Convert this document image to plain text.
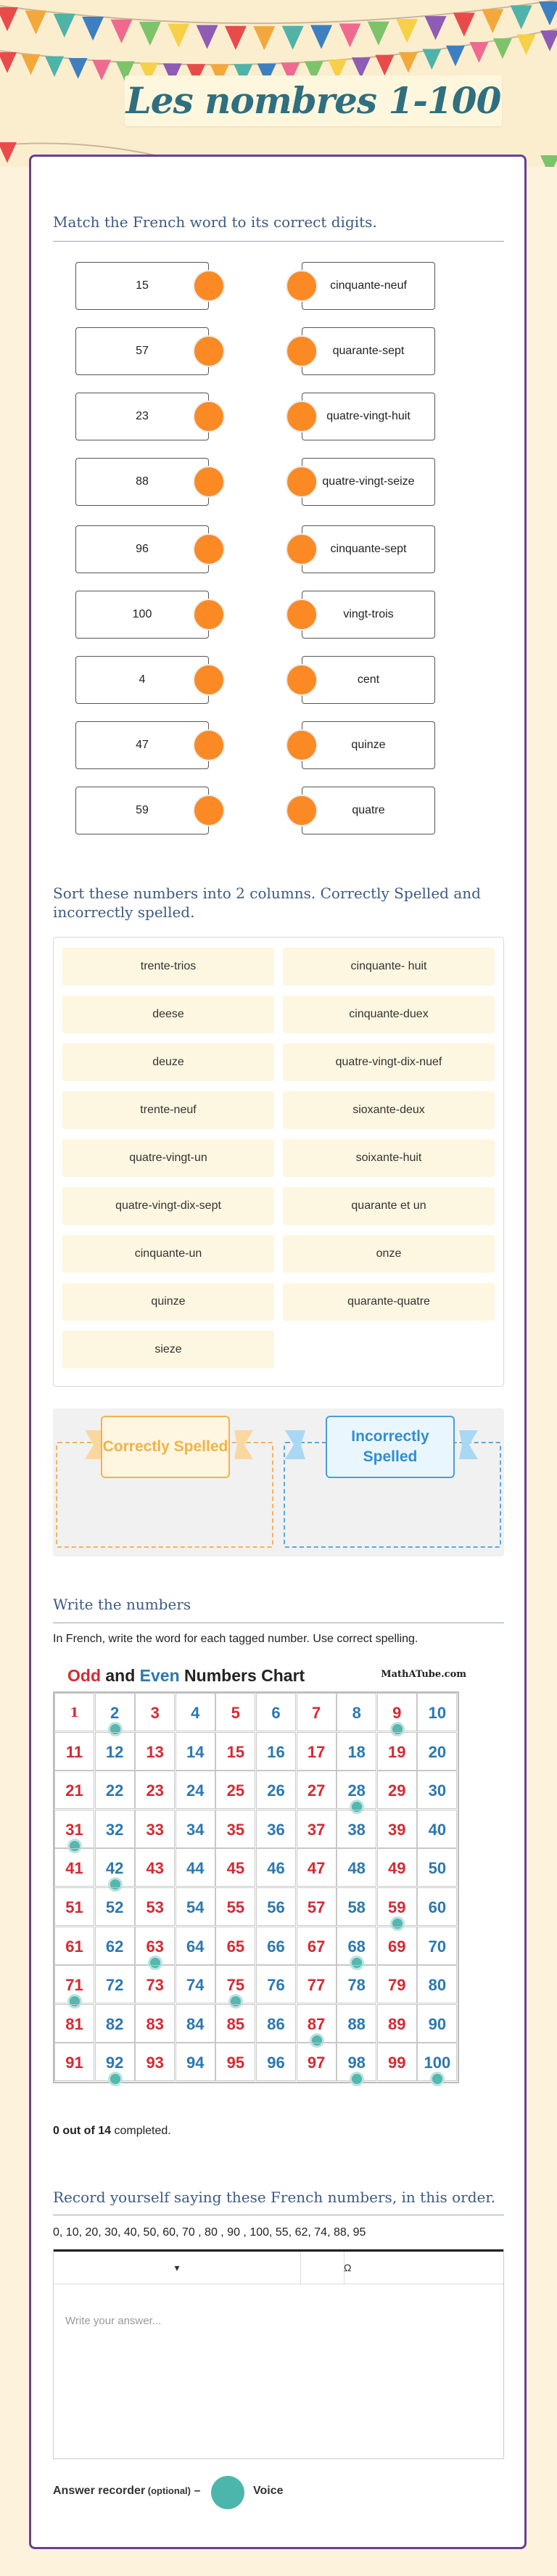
Les nombres 1-100
Match the French word to its correct digits.
15	cinquante-neuf
57	quarante-sept
23	quatre-vingt-huit
88	quatre-vingt-seize
96	cinquante-sept
100	vingt-trois
4	cent
47	quinze
59	quatre
Sort these numbers into 2 columns. Correctly Spelled and incorrectly spelled.
trente-trios	cinquante- huit
deese	cinquante-duex
deuze	quatre-vingt-dix-nuef
trente-neuf	sioxante-deux
quatre-vingt-un	soixante-huit
quatre-vingt-dix-sept	quarante et un
cinquante-un	onze
quinze	quarante-quatre
sieze
Correctly Spelled
Incorrectly Spelled
Write the numbers
In French, write the word for each tagged number. Use correct spelling.
Odd and Even Numbers Chart	MathATube.com
1	2	3	4	5	6	7	8	9	10
11	12	13	14	15	16	17	18	19	20
21	22	23	24	25	26	27	28	29	30
31	32	33	34	35	36	37	38	39	40
41	42	43	44	45	46	47	48	49	50
51	52	53	54	55	56	57	58	59	60
61	62	63	64	65	66	67	68	69	70
71	72	73	74	75	76	77	78	79	80
81	82	83	84	85	86	87	88	89	90
91	92	93	94	95	96	97	98	99	100
0 out of 14 completed.
Record yourself saying these French numbers, in this order.
0, 10, 20, 30, 40, 50, 60, 70 , 80 , 90 , 100, 55, 62, 74, 88, 95
▾	Ω
Write your answer...
Answer recorder (optional) –	Voice
